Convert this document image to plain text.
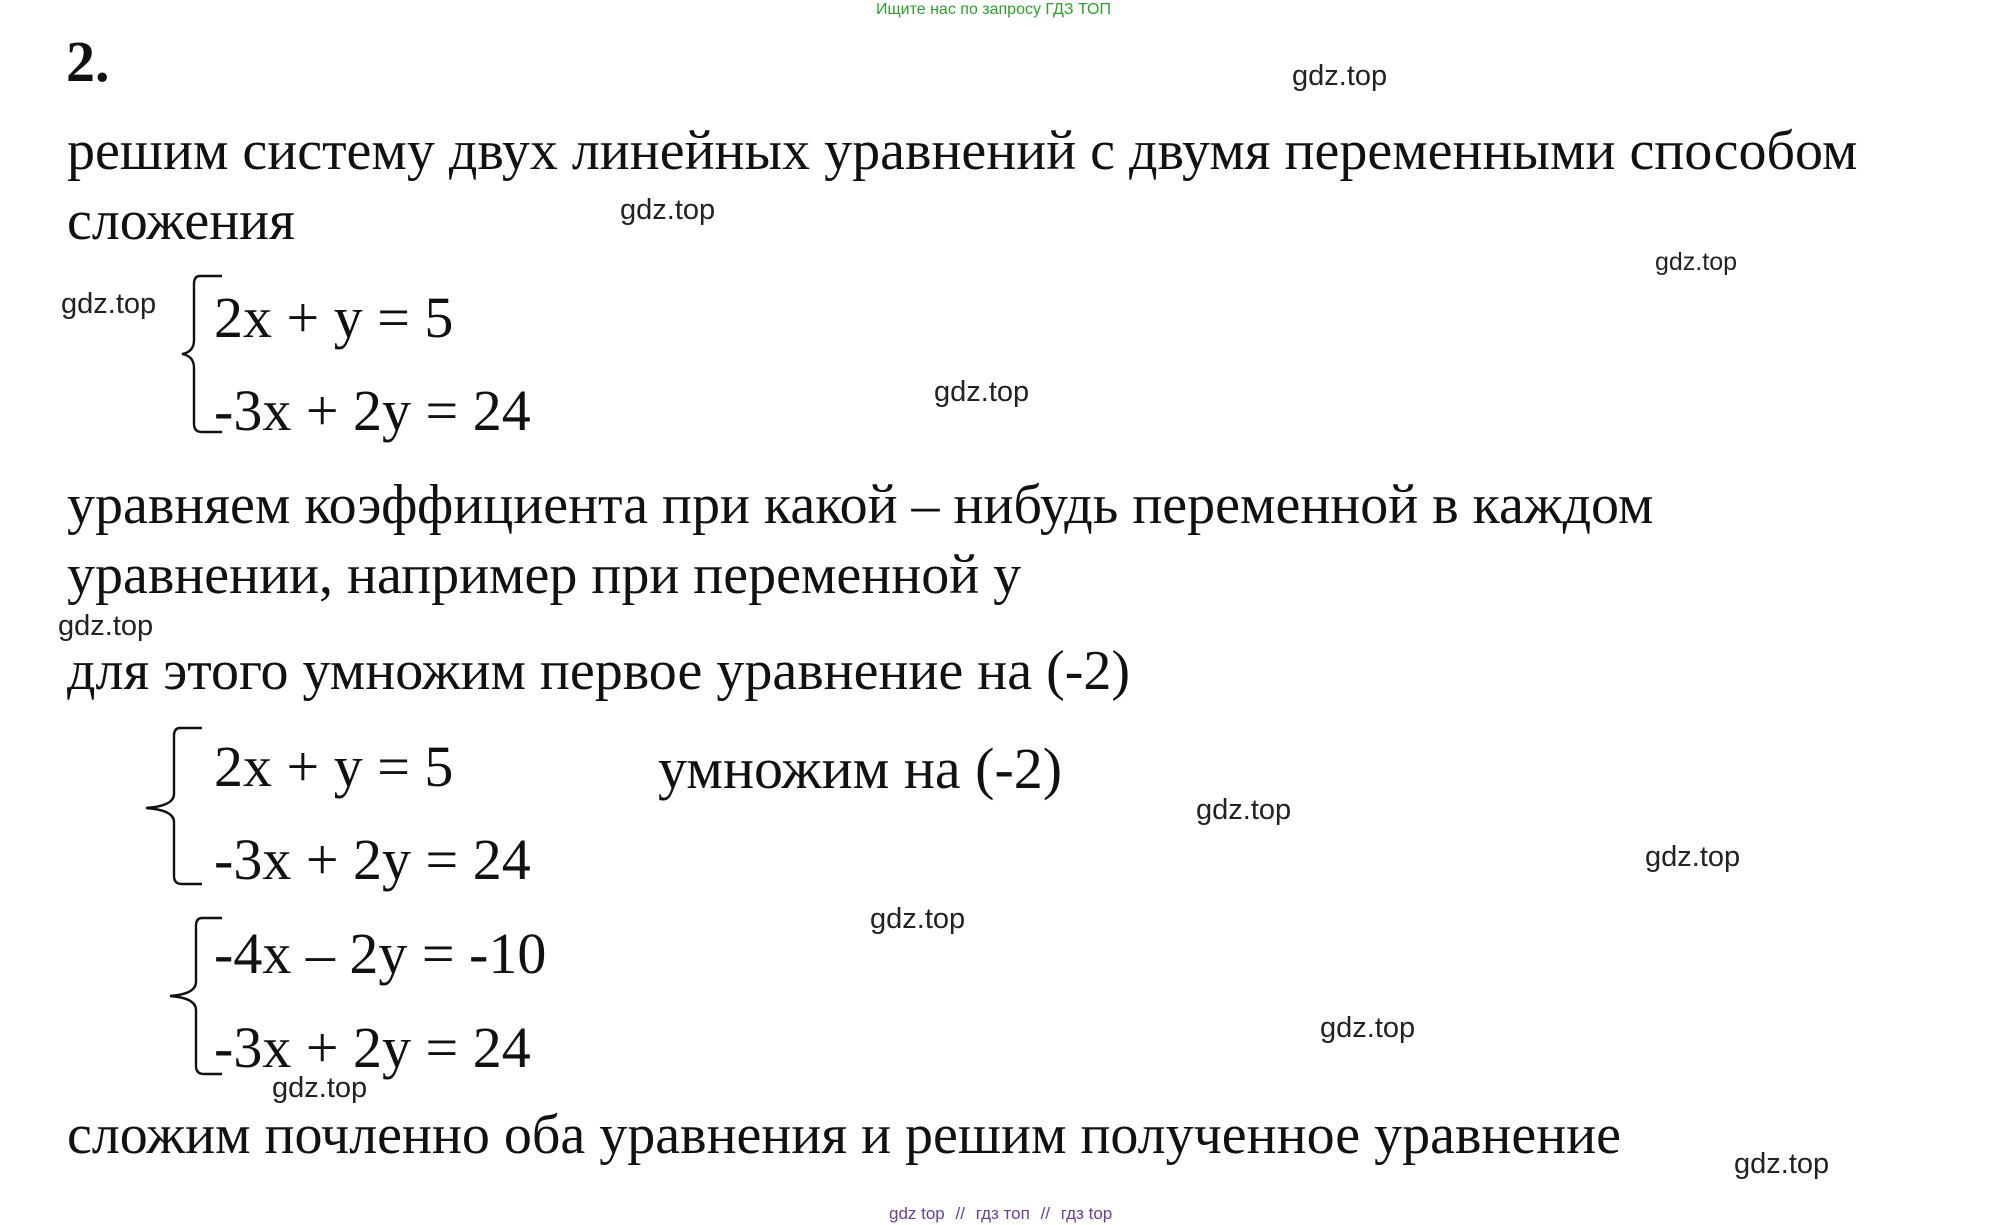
Ищите нас по запросу ГДЗ ТОП
2.
решим систему двух линейных уравнений с двумя переменными способом
сложения
2x + y = 5
-3x + 2y = 24
уравняем коэффициента при какой – нибудь переменной в каждом
уравнении, например при переменной у
для этого умножим первое уравнение на (-2)
2x + y = 5
-3x + 2y = 24
умножим на (-2)
-4x – 2y = -10
-3x + 2y = 24
сложим почленно оба уравнения и решим полученное уравнение
gdz.top
gdz.top
gdz.top
gdz.top
gdz.top
gdz.top
gdz.top
gdz.top
gdz.top
gdz.top
gdz.top
gdz.top
gdz top // гдз топ // гдз top
